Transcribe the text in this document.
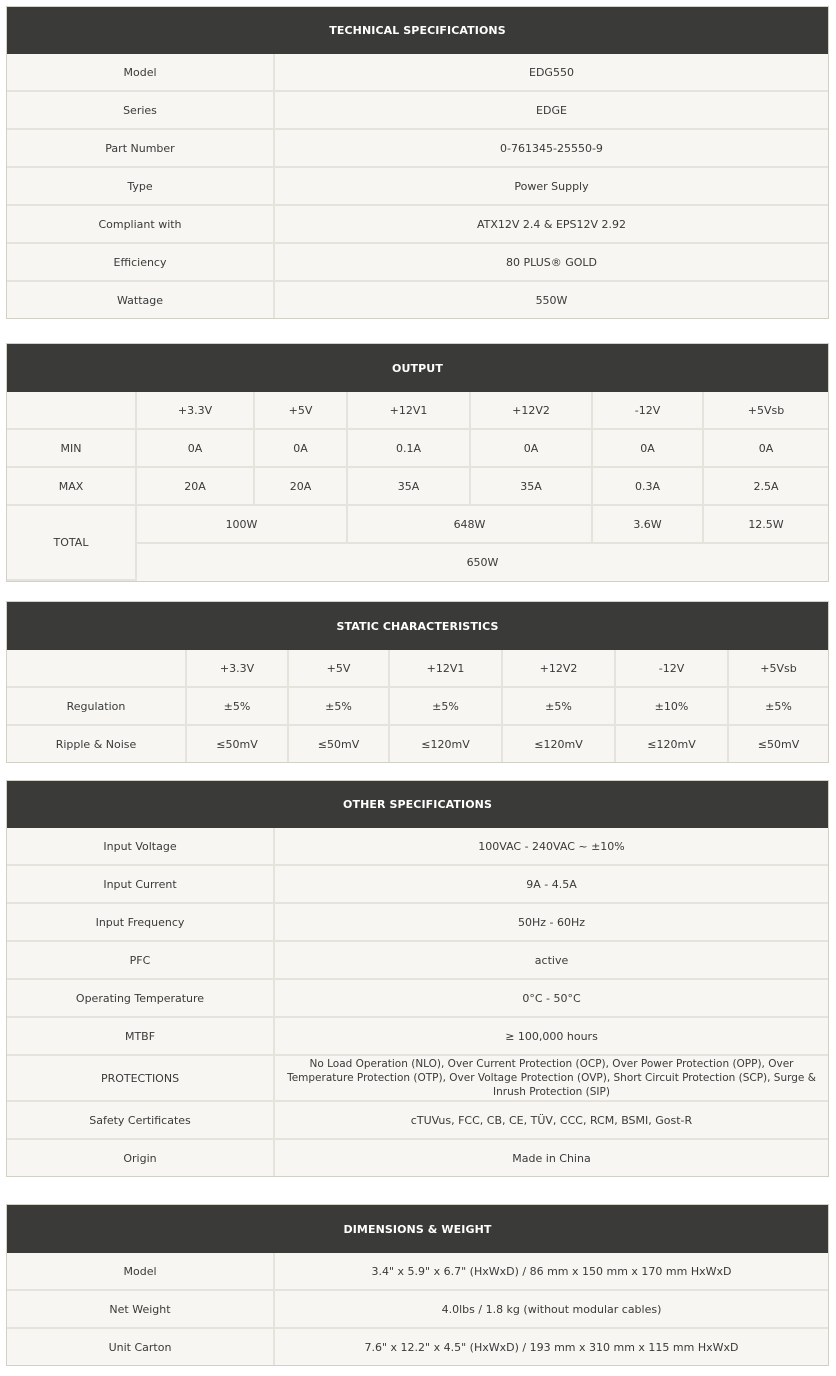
TECHNICAL SPECIFICATIONS
Model	EDG550
Series	EDGE
Part Number	0-761345-25550-9
Type	Power Supply
Compliant with	ATX12V 2.4 & EPS12V 2.92
Efficiency	80 PLUS® GOLD
Wattage	550W
OUTPUT
	+3.3V	+5V	+12V1	+12V2	-12V	+5Vsb
MIN	0A	0A	0.1A	0A	0A	0A
MAX	20A	20A	35A	35A	0.3A	2.5A
TOTAL	100W		648W		3.6W	12.5W
	650W					
STATIC CHARACTERISTICS
	+3.3V	+5V	+12V1	+12V2	-12V	+5Vsb
Regulation	±5%	±5%	±5%	±5%	±10%	±5%
Ripple & Noise	≤50mV	≤50mV	≤120mV	≤120mV	≤120mV	≤50mV
OTHER SPECIFICATIONS
Input Voltage	100VAC - 240VAC ~ ±10%
Input Current	9A - 4.5A
Input Frequency	50Hz - 60Hz
PFC	active
Operating Temperature	0°C - 50°C
MTBF	≥ 100,000 hours
PROTECTIONS	No Load Operation (NLO), Over Current Protection (OCP), Over Power Protection (OPP), Over Temperature Protection (OTP), Over Voltage Protection (OVP), Short Circuit Protection (SCP), Surge & Inrush Protection (SIP)
Safety Certificates	cTUVus, FCC, CB, CE, TÜV, CCC, RCM, BSMI, Gost-R
Origin	Made in China
DIMENSIONS & WEIGHT
Model	3.4" x 5.9" x 6.7" (HxWxD) / 86 mm x 150 mm x 170 mm HxWxD
Net Weight	4.0lbs / 1.8 kg (without modular cables)
Unit Carton	7.6" x 12.2" x 4.5" (HxWxD) / 193 mm x 310 mm x 115 mm HxWxD
